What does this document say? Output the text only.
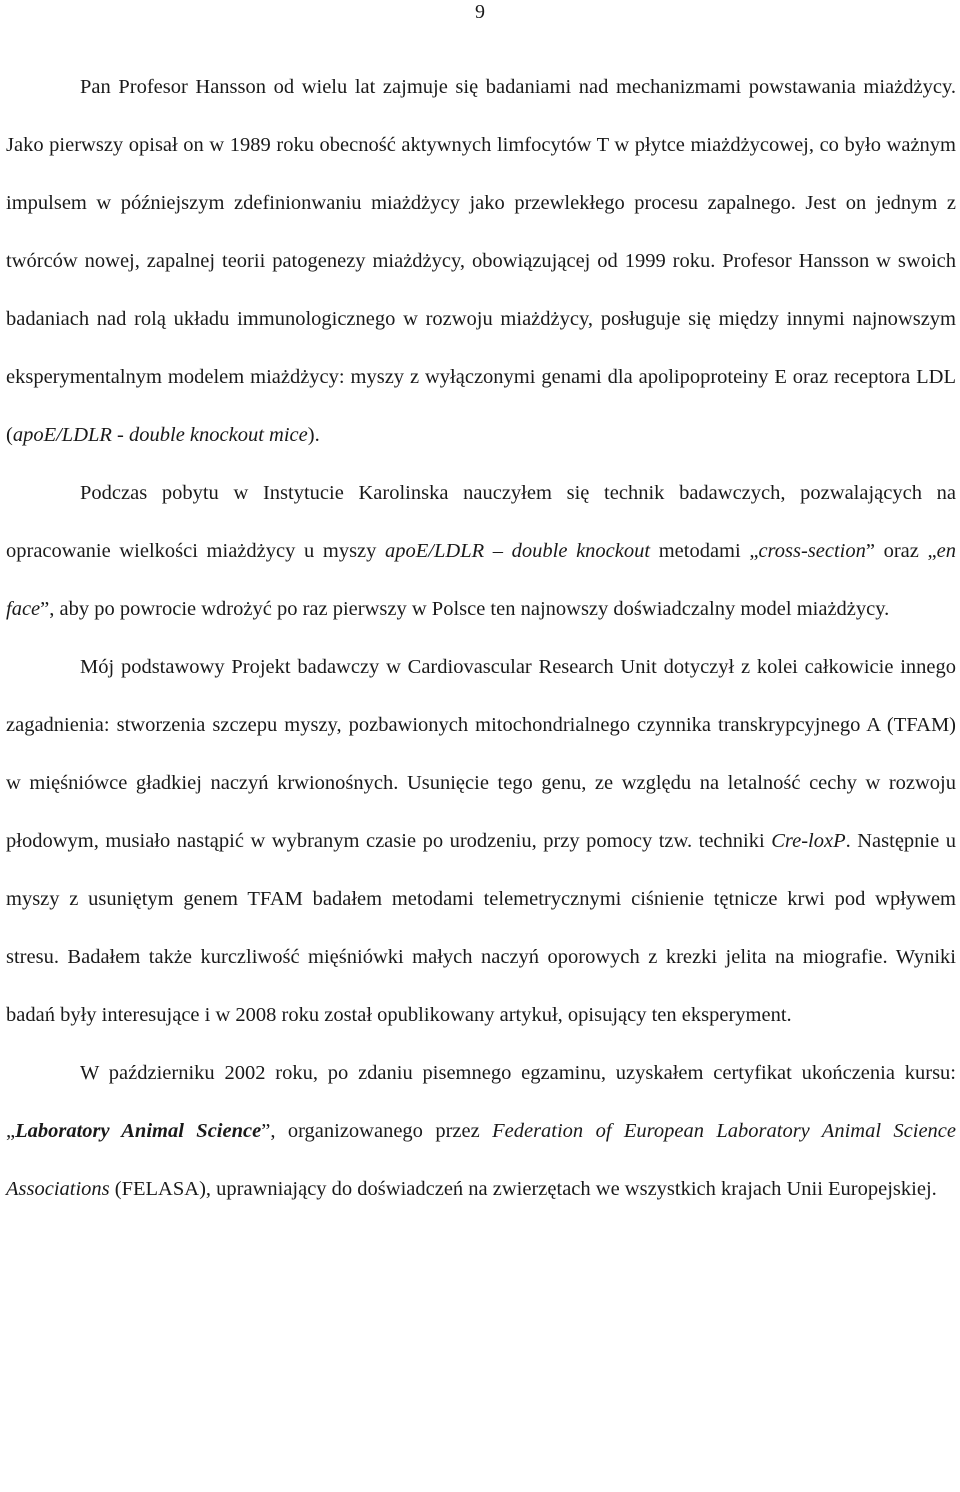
9

Pan Profesor Hansson od wielu lat zajmuje się badaniami nad mechanizmami powstawania miażdżycy. Jako pierwszy opisał on w 1989 roku obecność aktywnych limfocytów T w płytce miażdżycowej, co było ważnym impulsem w późniejszym zdefinionwaniu miażdżycy jako przewlekłego procesu zapalnego. Jest on jednym z twórców nowej, zapalnej teorii patogenezy miażdżycy, obowiązującej od 1999 roku. Profesor Hansson w swoich badaniach nad rolą układu immunologicznego w rozwoju miażdżycy, posługuje się między innymi najnowszym eksperymentalnym modelem miażdżycy: myszy z wyłączonymi genami dla apolipoproteiny E oraz receptora LDL (apoE/LDLR - double knockout mice).

Podczas pobytu w Instytucie Karolinska nauczyłem się technik badawczych, pozwalających na opracowanie wielkości miażdżycy u myszy apoE/LDLR – double knockout metodami „cross-section” oraz „en face”, aby po powrocie wdrożyć po raz pierwszy w Polsce ten najnowszy doświadczalny model miażdżycy.

Mój podstawowy Projekt badawczy w Cardiovascular Research Unit dotyczył z kolei całkowicie innego zagadnienia: stworzenia szczepu myszy, pozbawionych mitochondrialnego czynnika transkrypcyjnego A (TFAM) w mięśniówce gładkiej naczyń krwionośnych. Usunięcie tego genu, ze względu na letalność cechy w rozwoju płodowym, musiało nastąpić w wybranym czasie po urodzeniu, przy pomocy tzw. techniki Cre-loxP. Następnie u myszy z usuniętym genem TFAM badałem metodami telemetrycznymi ciśnienie tętnicze krwi pod wpływem stresu. Badałem także kurczliwość mięśniówki małych naczyń oporowych z krezki jelita na miografie. Wyniki badań były interesujące i w 2008 roku został opublikowany artykuł, opisujący ten eksperyment.

W październiku 2002 roku, po zdaniu pisemnego egzaminu, uzyskałem certyfikat ukończenia kursu: „Laboratory Animal Science”, organizowanego przez Federation of European Laboratory Animal Science Associations (FELASA), uprawniający do doświadczeń na zwierzętach we wszystkich krajach Unii Europejskiej.
